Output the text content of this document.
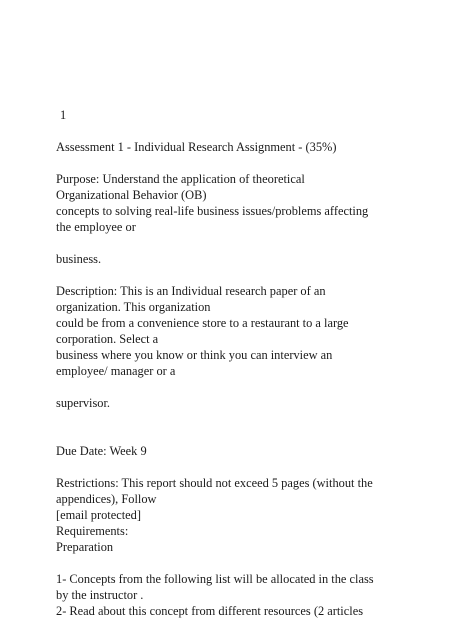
1
Assessment 1 - Individual Research Assignment - (35%)
Purpose: Understand the application of theoretical
Organizational Behavior (OB)
concepts to solving real-life business issues/problems affecting
the employee or
business.
Description: This is an Individual research paper of an
organization. This organization
could be from a convenience store to a restaurant to a large
corporation. Select a
business where you know or think you can interview an
employee/ manager or a
supervisor.
Due Date: Week 9
Restrictions: This report should not exceed 5 pages (without the
appendices), Follow
[email protected]
Requirements:
Preparation
1- Concepts from the following list will be allocated in the class
by the instructor .
2- Read about this concept from different resources (2 articles
